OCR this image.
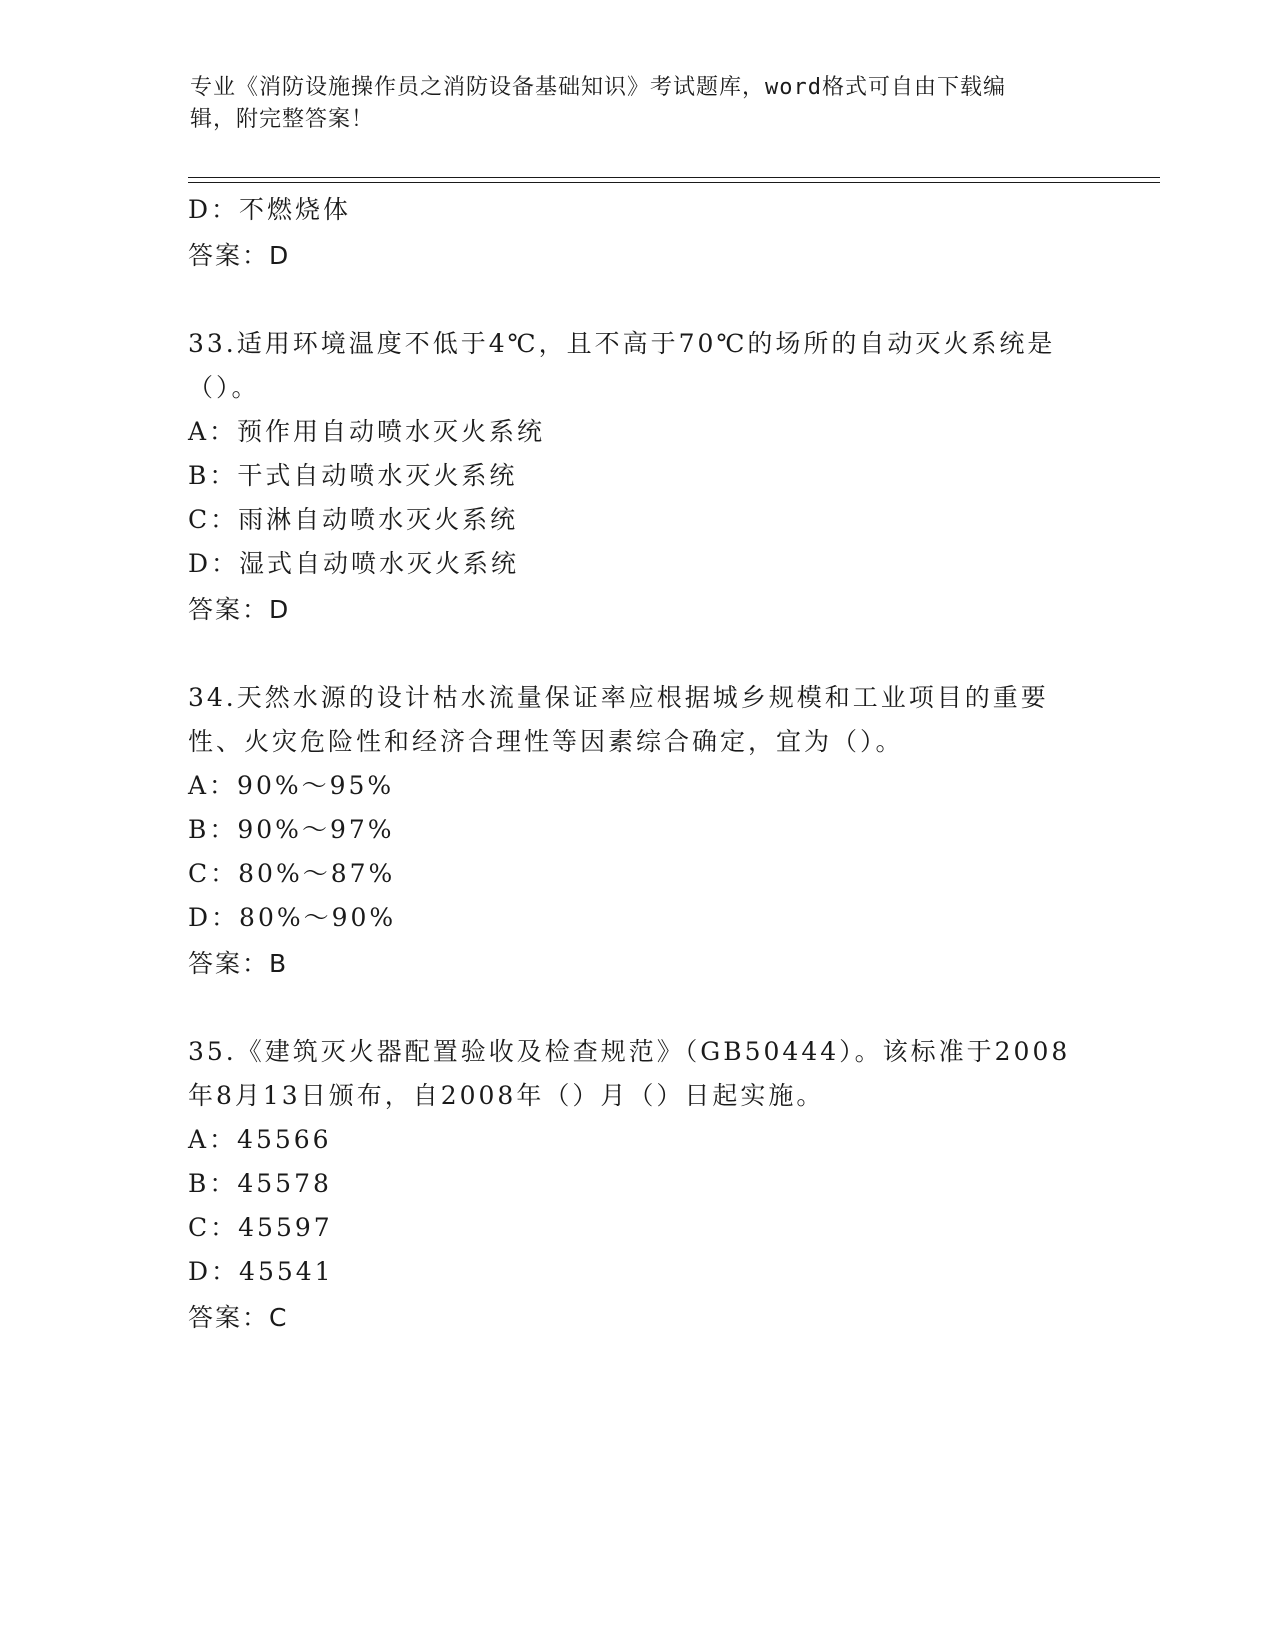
专业《消防设施操作员之消防设备基础知识》考试题库，word格式可自由下载编
辑，附完整答案！
D：不燃烧体
答案：D
33.适用环境温度不低于4℃，且不高于70℃的场所的自动灭火系统是
（）。
A：预作用自动喷水灭火系统
B：干式自动喷水灭火系统
C：雨淋自动喷水灭火系统
D：湿式自动喷水灭火系统
答案：D
34.天然水源的设计枯水流量保证率应根据城乡规模和工业项目的重要
性、火灾危险性和经济合理性等因素综合确定，宜为（）。
A：90%～95%
B：90%～97%
C：80%～87%
D：80%～90%
答案：B
35.《建筑灭火器配置验收及检查规范》（GB50444）。该标准于2008
年8月13日颁布，自2008年（）月（）日起实施。
A：45566
B：45578
C：45597
D：45541
答案：C
